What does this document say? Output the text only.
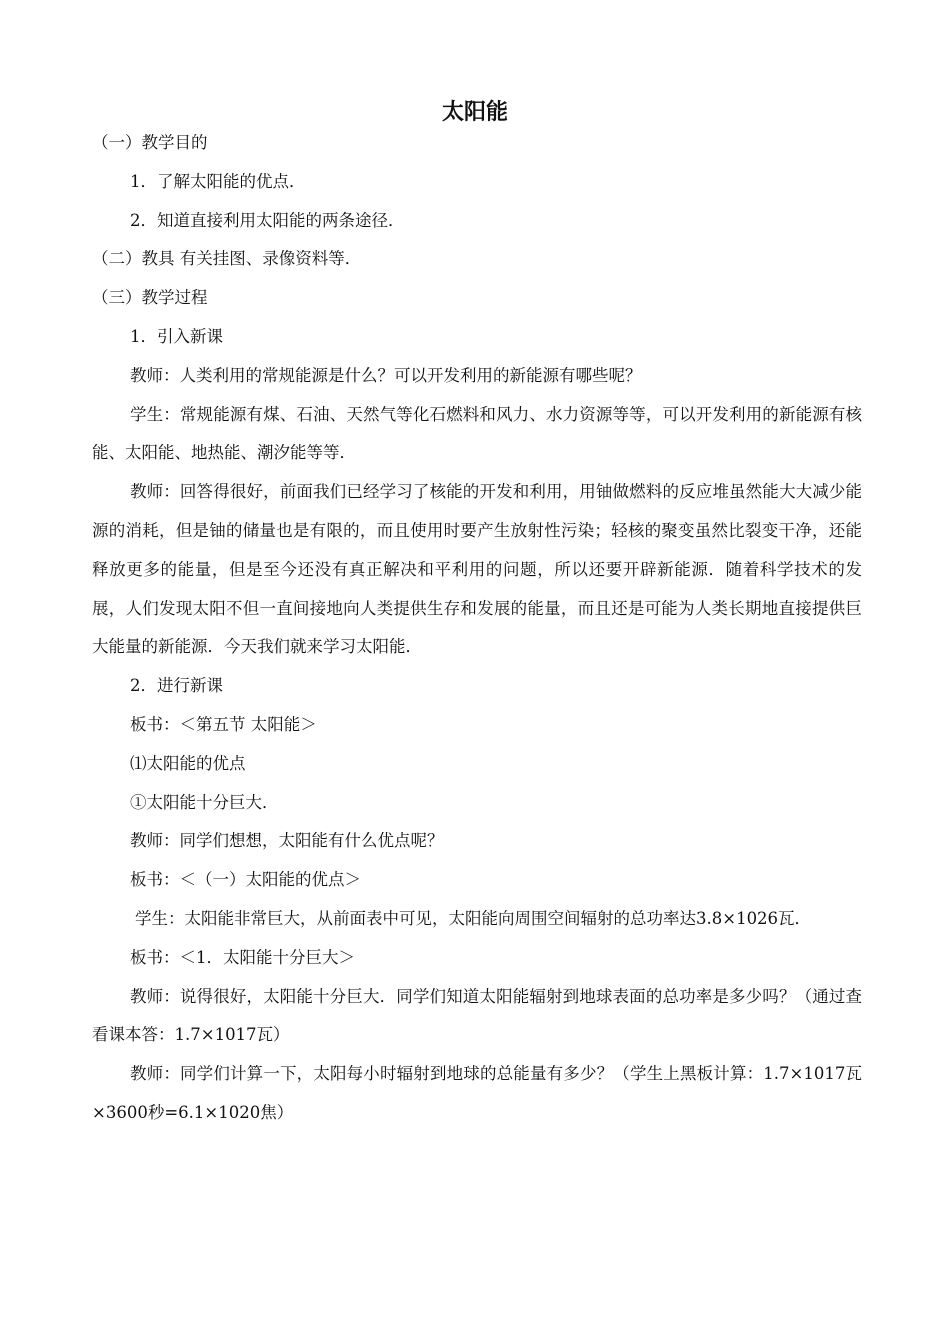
太阳能

（一）教学目的

1．了解太阳能的优点．

2．知道直接利用太阳能的两条途径．

（二）教具 有关挂图、录像资料等．

（三）教学过程

1．引入新课

教师：人类利用的常规能源是什么？可以开发利用的新能源有哪些呢？

学生：常规能源有煤、石油、天然气等化石燃料和风力、水力资源等等，可以开发利用的新能源有核能、太阳能、地热能、潮汐能等等．

教师：回答得很好，前面我们已经学习了核能的开发和利用，用铀做燃料的反应堆虽然能大大减少能源的消耗，但是铀的储量也是有限的，而且使用时要产生放射性污染；轻核的聚变虽然比裂变干净，还能释放更多的能量，但是至今还没有真正解决和平利用的问题，所以还要开辟新能源．随着科学技术的发展，人们发现太阳不但一直间接地向人类提供生存和发展的能量，而且还是可能为人类长期地直接提供巨大能量的新能源．今天我们就来学习太阳能．

2．进行新课

板书：＜第五节 太阳能＞

⑴太阳能的优点

①太阳能十分巨大．

教师：同学们想想，太阳能有什么优点呢？

板书：＜（一）太阳能的优点＞

学生：太阳能非常巨大，从前面表中可见，太阳能向周围空间辐射的总功率达3.8×1026瓦．

板书：＜1．太阳能十分巨大＞

教师：说得很好，太阳能十分巨大．同学们知道太阳能辐射到地球表面的总功率是多少吗？（通过查看课本答：1.7×1017瓦）

教师：同学们计算一下，太阳每小时辐射到地球的总能量有多少？（学生上黑板计算：1.7×1017瓦×3600秒=6.1×1020焦）
